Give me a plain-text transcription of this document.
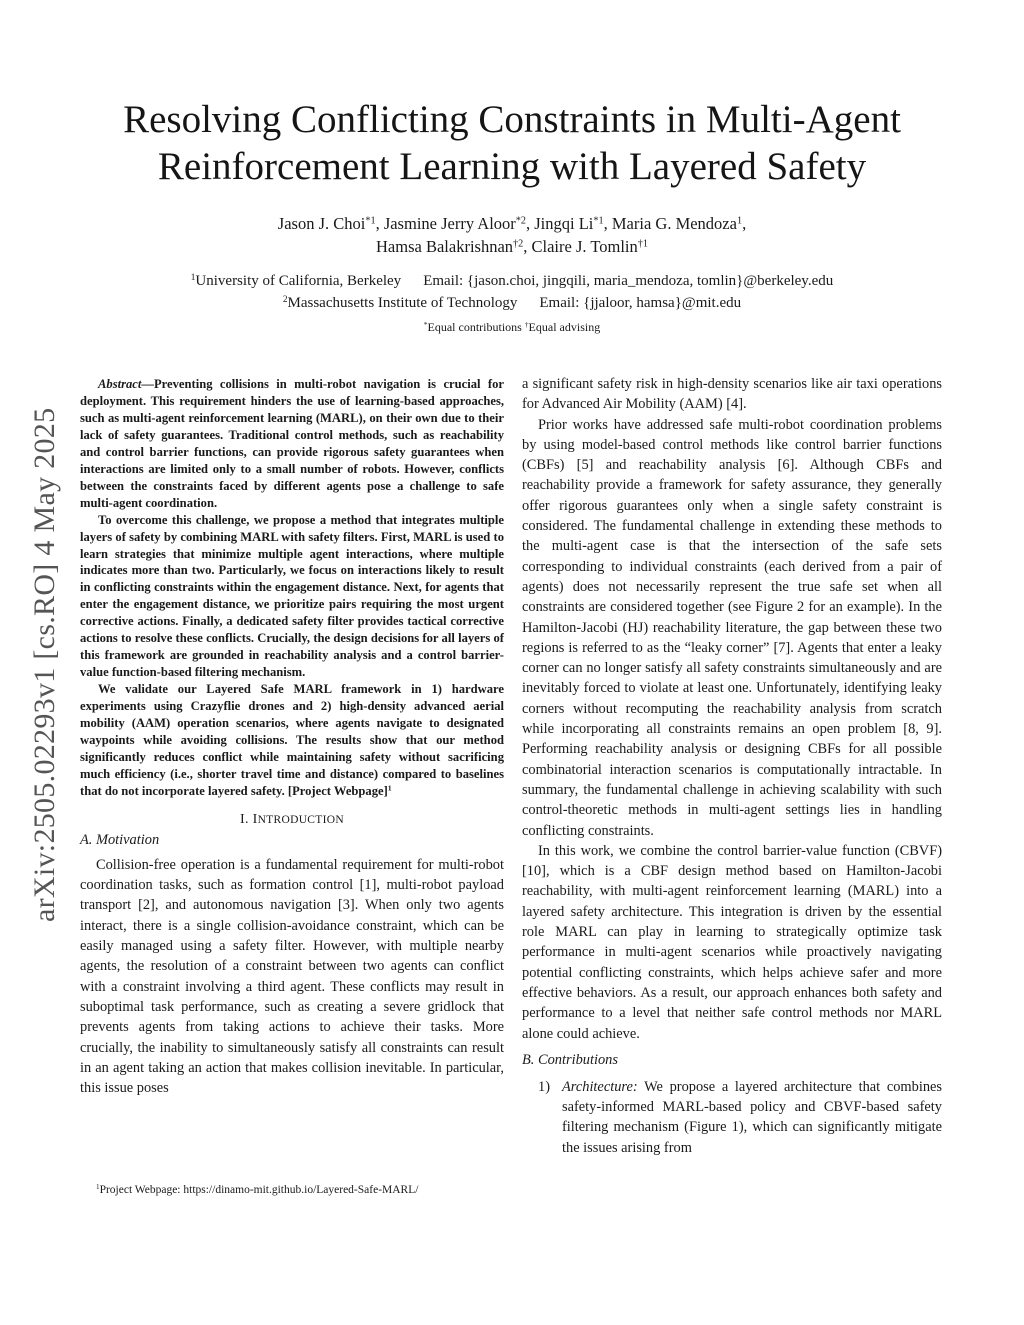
arXiv:2505.02293v1 [cs.RO] 4 May 2025
Resolving Conflicting Constraints in Multi-Agent
Reinforcement Learning with Layered Safety
Jason J. Choi$^{*1}$, Jasmine Jerry Aloor$^{*2}$, Jingqi Li$^{*1}$, Maria G. Mendoza$^1$,
Hamsa Balakrishnan$^{\dagger 2}$, Claire J. Tomlin$^{\dagger 1}$
$^1$University of California, Berkeley Email: {jason.choi, jingqili, maria_mendoza, tomlin}@berkeley.edu
$^2$Massachusetts Institute of Technology Email: {jjaloor, hamsa}@mit.edu
*Equal contributions †Equal advising

Abstract—Preventing collisions in multi-robot navigation is crucial for deployment. This requirement hinders the use of learning-based approaches, such as multi-agent reinforcement learning (MARL), on their own due to their lack of safety guarantees. Traditional control methods, such as reachability and control barrier functions, can provide rigorous safety guarantees when interactions are limited only to a small number of robots. However, conflicts between the constraints faced by different agents pose a challenge to safe multi-agent coordination.

To overcome this challenge, we propose a method that integrates multiple layers of safety by combining MARL with safety filters. First, MARL is used to learn strategies that minimize multiple agent interactions, where multiple indicates more than two. Particularly, we focus on interactions likely to result in conflicting constraints within the engagement distance. Next, for agents that enter the engagement distance, we prioritize pairs requiring the most urgent corrective actions. Finally, a dedicated safety filter provides tactical corrective actions to resolve these conflicts. Crucially, the design decisions for all layers of this framework are grounded in reachability analysis and a control barrier-value function-based filtering mechanism.

We validate our Layered Safe MARL framework in 1) hardware experiments using Crazyflie drones and 2) high-density advanced aerial mobility (AAM) operation scenarios, where agents navigate to designated waypoints while avoiding collisions. The results show that our method significantly reduces conflict while maintaining safety without sacrificing much efficiency (i.e., shorter travel time and distance) compared to baselines that do not incorporate layered safety. [Project Webpage]$^1$

I. INTRODUCTION
A. Motivation

Collision-free operation is a fundamental requirement for multi-robot coordination tasks, such as formation control [1], multi-robot payload transport [2], and autonomous navigation [3]. When only two agents interact, there is a single collision-avoidance constraint, which can be easily managed using a safety filter. However, with multiple nearby agents, the resolution of a constraint between two agents can conflict with a constraint involving a third agent. These conflicts may result in suboptimal task performance, such as creating a severe gridlock that prevents agents from taking actions to achieve their tasks. More crucially, the inability to simultaneously satisfy all constraints can result in an agent taking an action that makes collision inevitable. In particular, this issue poses

$^1$Project Webpage: https://dinamo-mit.github.io/Layered-Safe-MARL/

a significant safety risk in high-density scenarios like air taxi operations for Advanced Air Mobility (AAM) [4].

Prior works have addressed safe multi-robot coordination problems by using model-based control methods like control barrier functions (CBFs) [5] and reachability analysis [6]. Although CBFs and reachability provide a framework for safety assurance, they generally offer rigorous guarantees only when a single safety constraint is considered. The fundamental challenge in extending these methods to the multi-agent case is that the intersection of the safe sets corresponding to individual constraints (each derived from a pair of agents) does not necessarily represent the true safe set when all constraints are considered together (see Figure 2 for an example). In the Hamilton-Jacobi (HJ) reachability literature, the gap between these two regions is referred to as the “leaky corner” [7]. Agents that enter a leaky corner can no longer satisfy all safety constraints simultaneously and are inevitably forced to violate at least one. Unfortunately, identifying leaky corners without recomputing the reachability analysis from scratch while incorporating all constraints remains an open problem [8, 9]. Performing reachability analysis or designing CBFs for all possible combinatorial interaction scenarios is computationally intractable. In summary, the fundamental challenge in achieving scalability with such control-theoretic methods in multi-agent settings lies in handling conflicting constraints.

In this work, we combine the control barrier-value function (CBVF) [10], which is a CBF design method based on Hamilton-Jacobi reachability, with multi-agent reinforcement learning (MARL) into a layered safety architecture. This integration is driven by the essential role MARL can play in learning to strategically optimize task performance in multi-agent scenarios while proactively navigating potential conflicting constraints, which helps achieve safer and more effective behaviors. As a result, our approach enhances both safety and performance to a level that neither safe control methods nor MARL alone could achieve.

B. Contributions
1) Architecture: We propose a layered architecture that combines safety-informed MARL-based policy and CBVF-based safety filtering mechanism (Figure 1), which can significantly mitigate the issues arising from
